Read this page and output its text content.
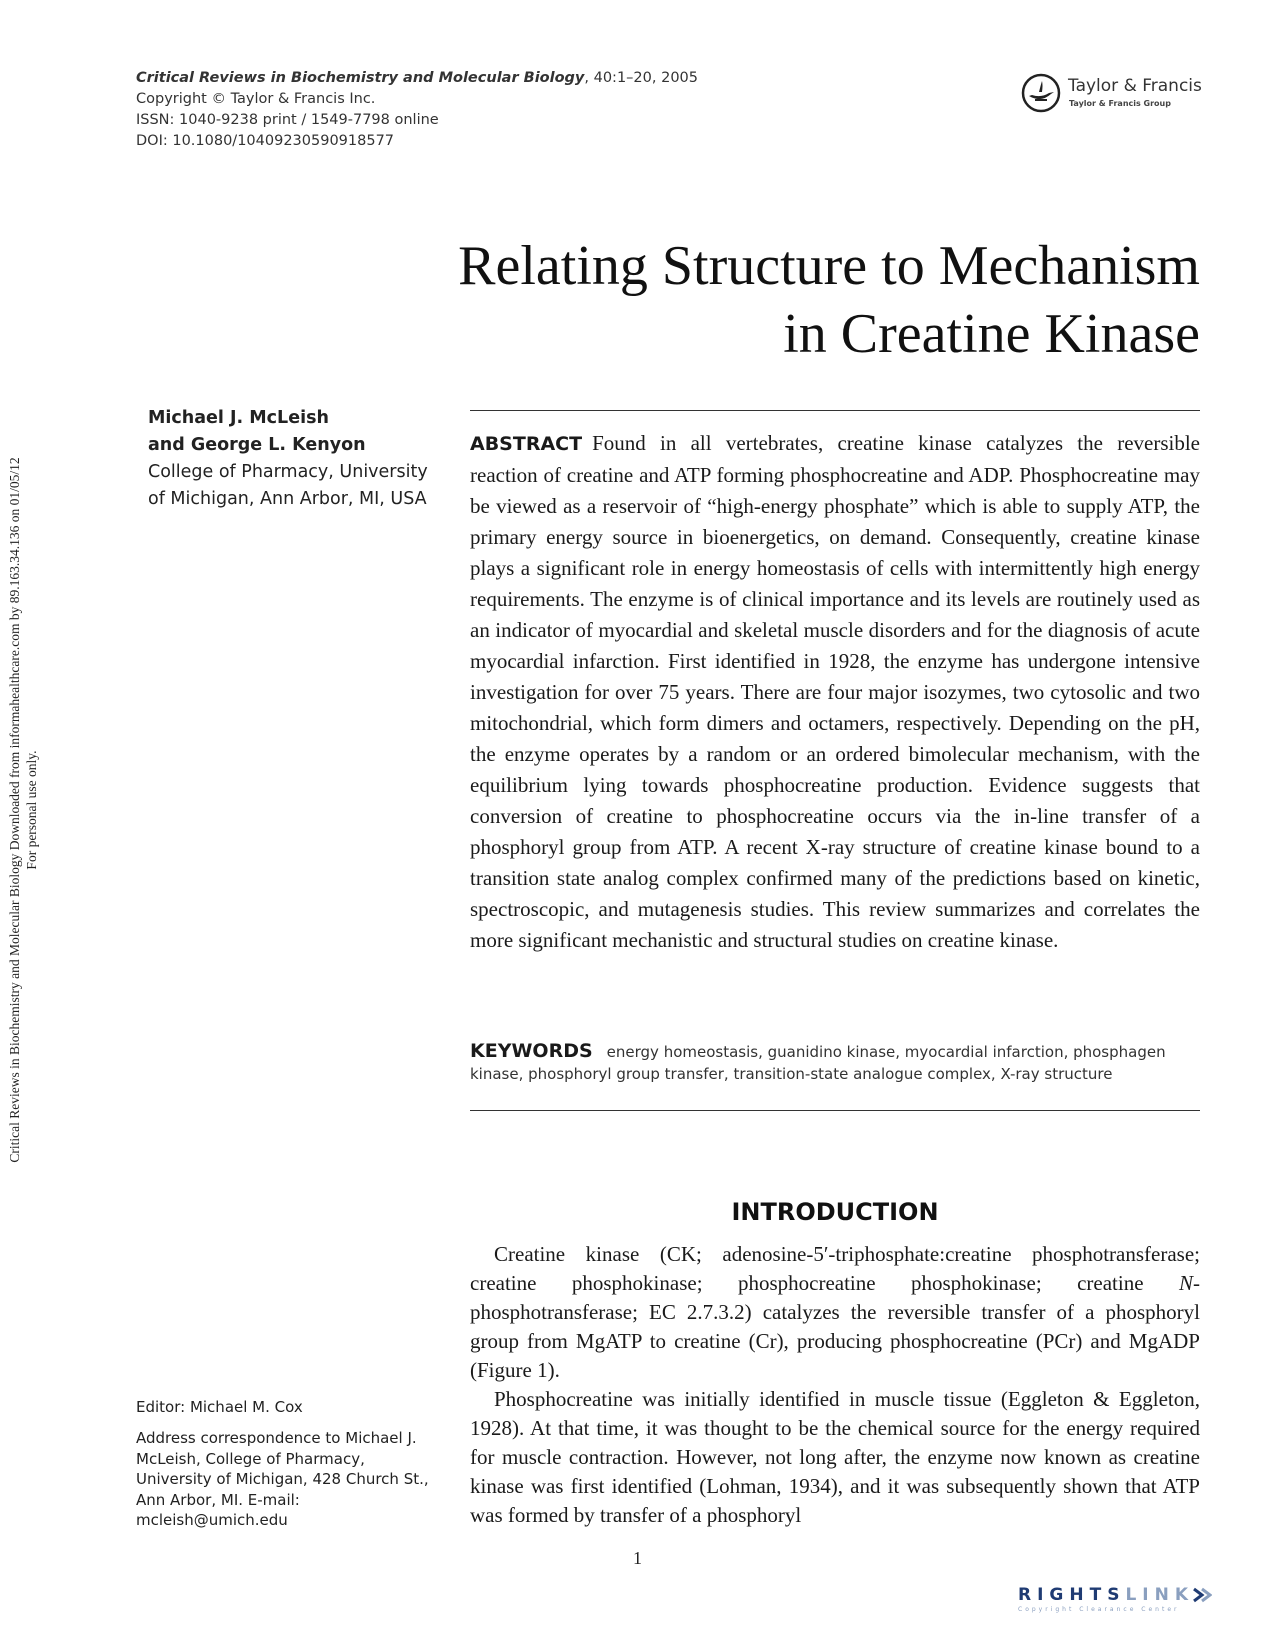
Critical Reviews in Biochemistry and Molecular Biology, 40:1–20, 2005
Copyright © Taylor & Francis Inc.
ISSN: 1040-9238 print / 1549-7798 online
DOI: 10.1080/10409230590918577
Taylor & Francis
Taylor & Francis Group
Critical Reviews in Biochemistry and Molecular Biology Downloaded from informahealthcare.com by 89.163.34.136 on 01/05/12 For personal use only.
Relating Structure to Mechanism
in Creatine Kinase
Michael J. McLeish
and George L. Kenyon
College of Pharmacy, University of Michigan, Ann Arbor, MI, USA
ABSTRACT Found in all vertebrates, creatine kinase catalyzes the reversible reaction of creatine and ATP forming phosphocreatine and ADP. Phosphocreatine may be viewed as a reservoir of “high-energy phosphate” which is able to supply ATP, the primary energy source in bioenergetics, on demand. Consequently, creatine kinase plays a significant role in energy homeostasis of cells with intermittently high energy requirements. The enzyme is of clinical importance and its levels are routinely used as an indicator of myocardial and skeletal muscle disorders and for the diagnosis of acute myocardial infarction. First identified in 1928, the enzyme has undergone intensive investigation for over 75 years. There are four major isozymes, two cytosolic and two mitochondrial, which form dimers and octamers, respectively. Depending on the pH, the enzyme operates by a random or an ordered bimolecular mechanism, with the equilibrium lying towards phosphocreatine production. Evidence suggests that conversion of creatine to phosphocreatine occurs via the in-line transfer of a phosphoryl group from ATP. A recent X-ray structure of creatine kinase bound to a transition state analog complex confirmed many of the predictions based on kinetic, spectroscopic, and mutagenesis studies. This review summarizes and correlates the more significant mechanistic and structural studies on creatine kinase.
KEYWORDS energy homeostasis, guanidino kinase, myocardial infarction, phosphagen kinase, phosphoryl group transfer, transition-state analogue complex, X-ray structure
INTRODUCTION

Creatine kinase (CK; adenosine-5′-triphosphate:creatine phosphotransferase; creatine phosphokinase; phosphocreatine phosphokinase; creatine N-phosphotransferase; EC 2.7.3.2) catalyzes the reversible transfer of a phosphoryl group from MgATP to creatine (Cr), producing phosphocreatine (PCr) and MgADP (Figure 1).

Phosphocreatine was initially identified in muscle tissue (Eggleton & Eggleton, 1928). At that time, it was thought to be the chemical source for the energy required for muscle contraction. However, not long after, the enzyme now known as creatine kinase was first identified (Lohman, 1934), and it was subsequently shown that ATP was formed by transfer of a phosphoryl

Editor: Michael M. Cox
Address correspondence to Michael J. McLeish, College of Pharmacy, University of Michigan, 428 Church St., Ann Arbor, MI. E-mail: mcleish@umich.edu
1
RIGHTSLINK
Copyright Clearance Center
